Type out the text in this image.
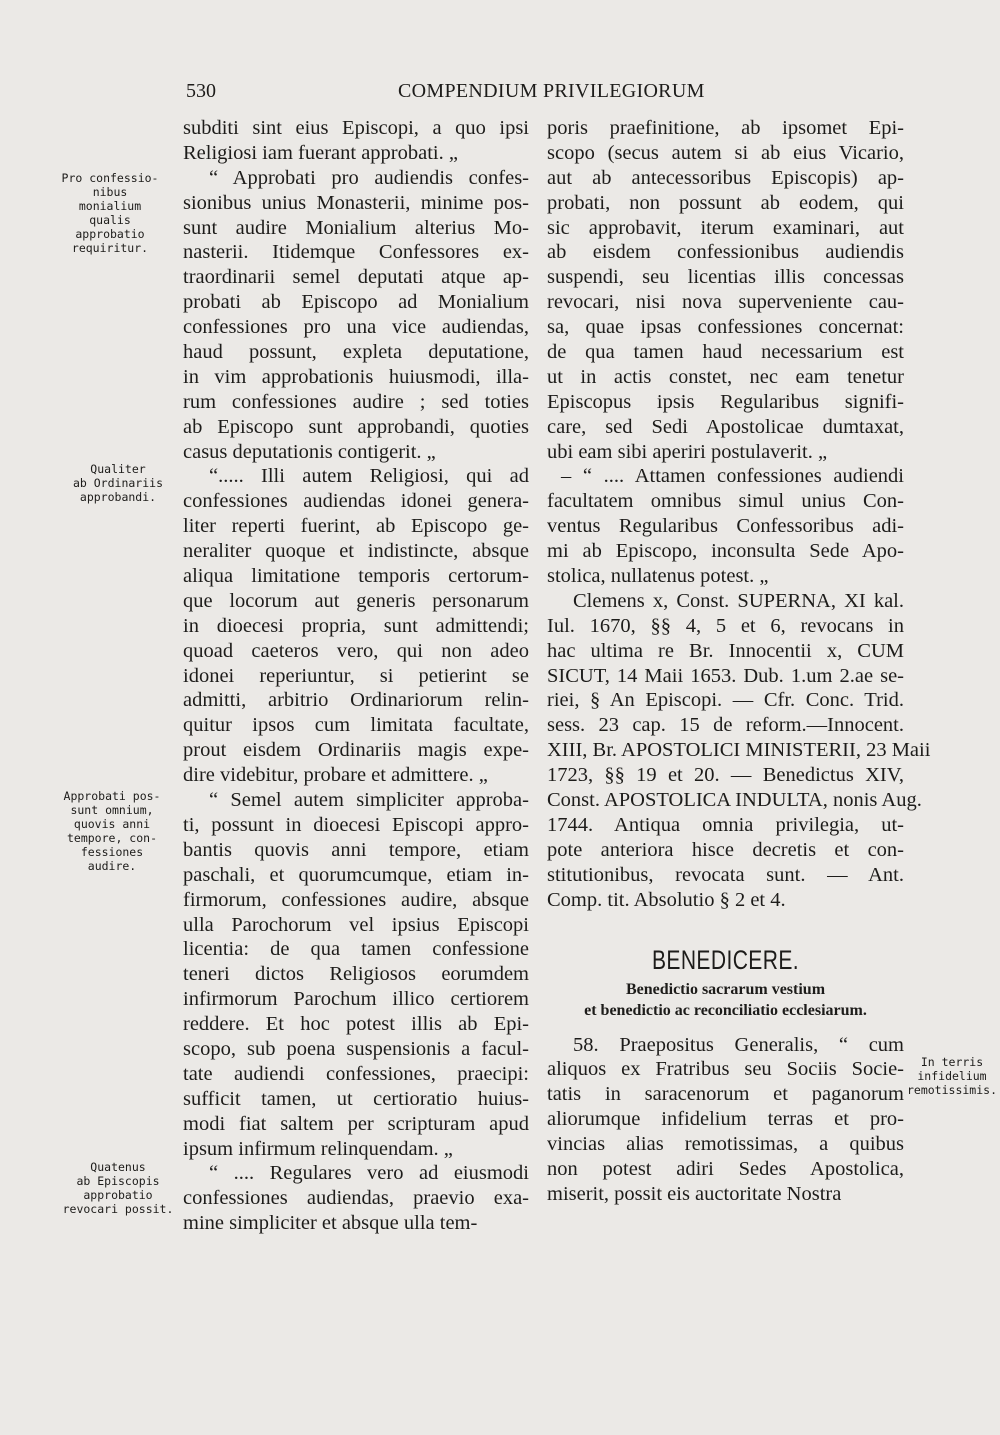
530	COMPENDIUM PRIVILEGIORUM
Pro confessio-
nibus
monialium
qualis
approbatio
requiritur.
Qualiter
ab Ordinariis
approbandi.
Approbati pos-
sunt omnium,
quovis anni
tempore, con-
fessiones
audire.
Quatenus
ab Episcopis
approbatio
revocari possit.
In terris
infidelium
remotissimis.
subditi sint eius Episcopi, a quo ipsi
Religiosi iam fuerant approbati. „
“ Approbati pro audiendis confes-
sionibus unius Monasterii, minime pos-
sunt audire Monialium alterius Mo-
nasterii. Itidemque Confessores ex-
traordinarii semel deputati atque ap-
probati ab Episcopo ad Monialium
confessiones pro una vice audiendas,
haud possunt, expleta deputatione,
in vim approbationis huiusmodi, illa-
rum confessiones audire ; sed toties
ab Episcopo sunt approbandi, quoties
casus deputationis contigerit. „
“..... Illi autem Religiosi, qui ad
confessiones audiendas idonei genera-
liter reperti fuerint, ab Episcopo ge-
neraliter quoque et indistincte, absque
aliqua limitatione temporis certorum-
que locorum aut generis personarum
in dioecesi propria, sunt admittendi;
quoad caeteros vero, qui non adeo
idonei reperiuntur, si petierint se
admitti, arbitrio Ordinariorum relin-
quitur ipsos cum limitata facultate,
prout eisdem Ordinariis magis expe-
dire videbitur, probare et admittere. „
“ Semel autem simpliciter approba-
ti, possunt in dioecesi Episcopi appro-
bantis quovis anni tempore, etiam
paschali, et quorumcumque, etiam in-
firmorum, confessiones audire, absque
ulla Parochorum vel ipsius Episcopi
licentia: de qua tamen confessione
teneri dictos Religiosos eorumdem
infirmorum Parochum illico certiorem
reddere. Et hoc potest illis ab Epi-
scopo, sub poena suspensionis a facul-
tate audiendi confessiones, praecipi:
sufficit tamen, ut certioratio huius-
modi fiat saltem per scripturam apud
ipsum infirmum relinquendam. „
“ .... Regulares vero ad eiusmodi
confessiones audiendas, praevio exa-
mine simpliciter et absque ulla tem-
poris praefinitione, ab ipsomet Epi-
scopo (secus autem si ab eius Vicario,
aut ab antecessoribus Episcopis) ap-
probati, non possunt ab eodem, qui
sic approbavit, iterum examinari, aut
ab eisdem confessionibus audiendis
suspendi, seu licentias illis concessas
revocari, nisi nova superveniente cau-
sa, quae ipsas confessiones concernat:
de qua tamen haud necessarium est
ut in actis constet, nec eam tenetur
Episcopus ipsis Regularibus signifi-
care, sed Sedi Apostolicae dumtaxat,
ubi eam sibi aperiri postulaverit. „
– “ .... Attamen confessiones audiendi
facultatem omnibus simul unius Con-
ventus Regularibus Confessoribus adi-
mi ab Episcopo, inconsulta Sede Apo-
stolica, nullatenus potest. „
Clemens x, Const. SUPERNA, XI kal.
Iul. 1670, §§ 4, 5 et 6, revocans in
hac ultima re Br. Innocentii x, CUM
SICUT, 14 Maii 1653. Dub. 1.um 2.ae se-
riei, § An Episcopi. — Cfr. Conc. Trid.
sess. 23 cap. 15 de reform.—Innocent.
XIII, Br. APOSTOLICI MINISTERII, 23 Maii
1723, §§ 19 et 20. — Benedictus XIV,
Const. APOSTOLICA INDULTA, nonis Aug.
1744. Antiqua omnia privilegia, ut-
pote anteriora hisce decretis et con-
stitutionibus, revocata sunt. — Ant.
Comp. tit. Absolutio § 2 et 4.
BENEDICERE.
Benedictio sacrarum vestium
et benedictio ac reconciliatio ecclesiarum.
58. Praepositus Generalis, “ cum
aliquos ex Fratribus seu Sociis Socie-
tatis in saracenorum et paganorum
aliorumque infidelium terras et pro-
vincias alias remotissimas, a quibus
non potest adiri Sedes Apostolica,
miserit, possit eis auctoritate Nostra
